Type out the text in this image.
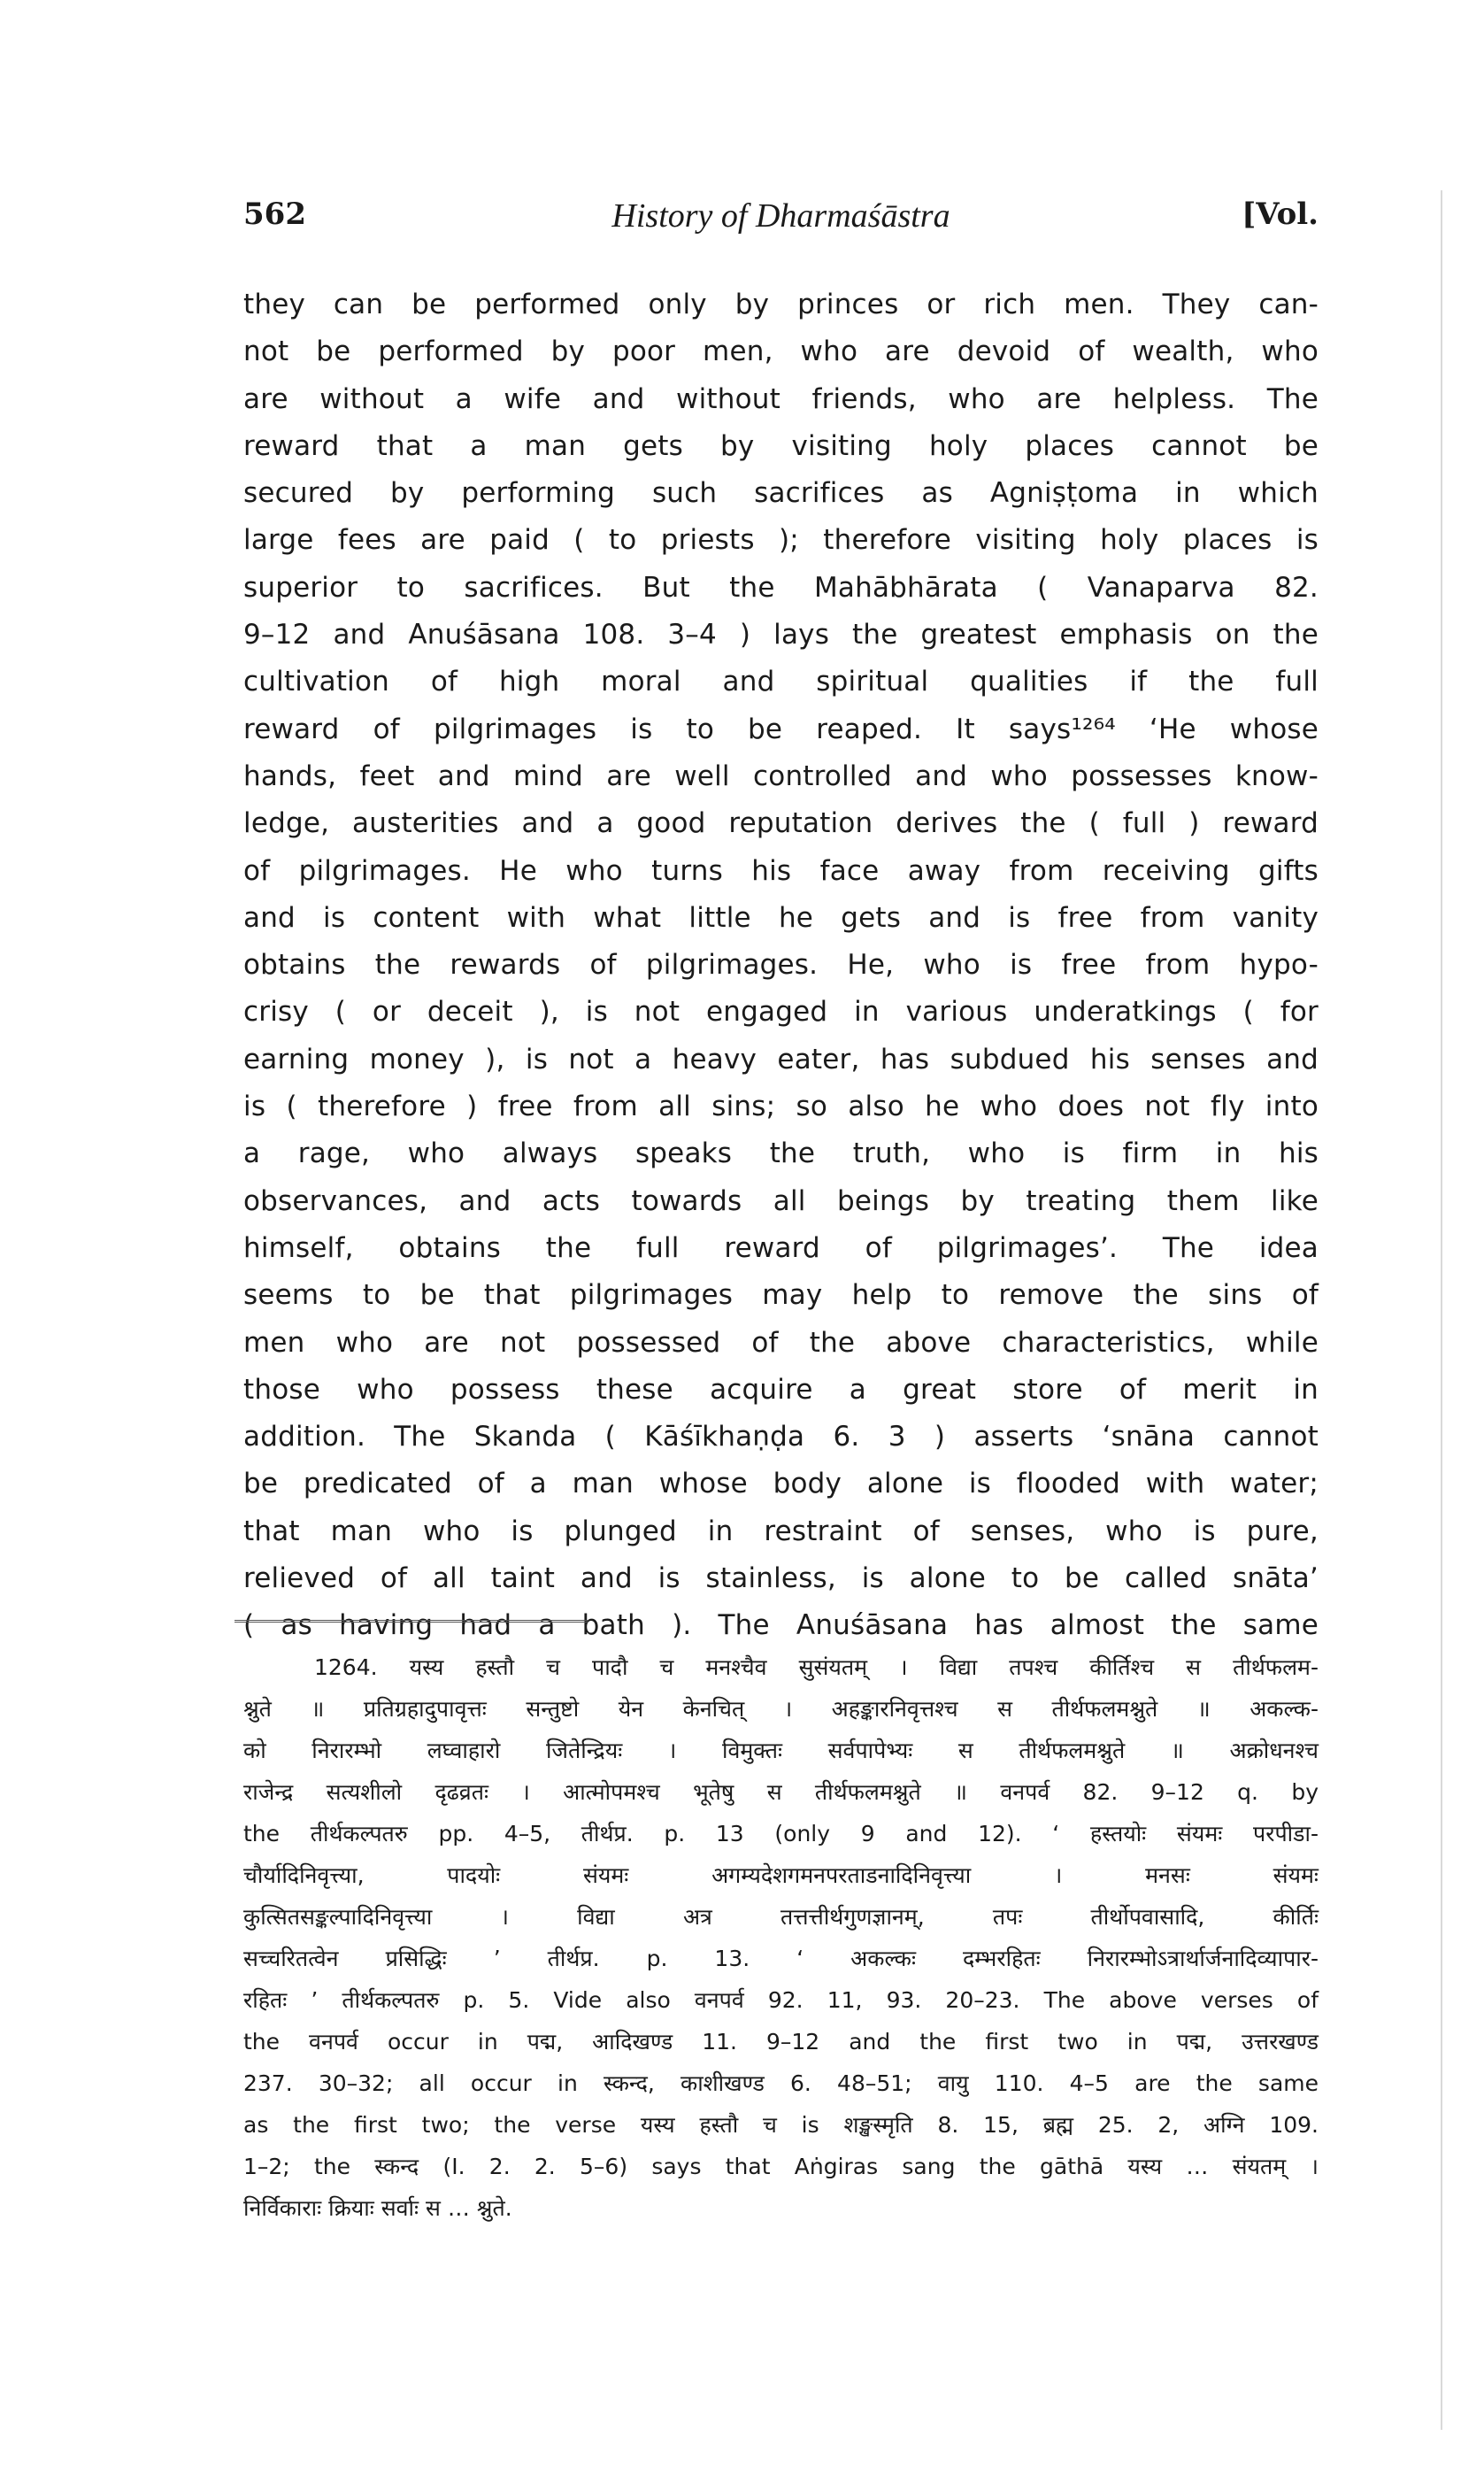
562	History of Dharmaśāstra	[Vol.
they can be performed only by princes or rich men. They can-
not be performed by poor men, who are devoid of wealth, who
are without a wife and without friends, who are helpless. The
reward that a man gets by visiting holy places cannot be
secured by performing such sacrifices as Agniṣṭoma in which
large fees are paid ( to priests ); therefore visiting holy places is
superior to sacrifices. But the Mahābhārata ( Vanaparva 82.
9–12 and Anuśāsana 108. 3–4 ) lays the greatest emphasis on the
cultivation of high moral and spiritual qualities if the full
reward of pilgrimages is to be reaped. It says¹²⁶⁴ ‘He whose
hands, feet and mind are well controlled and who possesses know-
ledge, austerities and a good reputation derives the ( full ) reward
of pilgrimages. He who turns his face away from receiving gifts
and is content with what little he gets and is free from vanity
obtains the rewards of pilgrimages. He, who is free from hypo-
crisy ( or deceit ), is not engaged in various underatkings ( for
earning money ), is not a heavy eater, has subdued his senses and
is ( therefore ) free from all sins; so also he who does not fly into
a rage, who always speaks the truth, who is firm in his
observances, and acts towards all beings by treating them like
himself, obtains the full reward of pilgrimages’. The idea
seems to be that pilgrimages may help to remove the sins of
men who are not possessed of the above characteristics, while
those who possess these acquire a great store of merit in
addition. The Skanda ( Kāśīkhaṇḍa 6. 3 ) asserts ‘snāna cannot
be predicated of a man whose body alone is flooded with water;
that man who is plunged in restraint of senses, who is pure,
relieved of all taint and is stainless, is alone to be called snāta’
( as having had a bath ). The Anuśāsana has almost the same
1264. यस्य हस्तौ च पादौ च मनश्चैव सुसंयतम् । विद्या तपश्च कीर्तिश्च स तीर्थफलम-
श्नुते ॥ प्रतिग्रहादुपावृत्तः सन्तुष्टो येन केनचित् । अहङ्कारनिवृत्तश्च स तीर्थफलमश्नुते ॥ अकल्क-
को निरारम्भो लघ्वाहारो जितेन्द्रियः । विमुक्तः सर्वपापेभ्यः स तीर्थफलमश्नुते ॥ अक्रोधनश्च
राजेन्द्र सत्यशीलो दृढव्रतः । आत्मोपमश्च भूतेषु स तीर्थफलमश्नुते ॥ वनपर्व 82. 9–12 q. by
the तीर्थकल्पतरु pp. 4–5, तीर्थप्र. p. 13 (only 9 and 12). ‘ हस्तयोः संयमः परपीडा-
चौर्यादिनिवृत्त्या, पादयोः संयमः अगम्यदेशगमनपरताडनादिनिवृत्त्या । मनसः संयमः
कुत्सितसङ्कल्पादिनिवृत्त्या । विद्या अत्र तत्तत्तीर्थगुणज्ञानम्, तपः तीर्थोपवासादि, कीर्तिः
सच्चरितत्वेन प्रसिद्धिः ’ तीर्थप्र. p. 13. ‘ अकल्कः दम्भरहितः निरारम्भोऽत्रार्थार्जनादिव्यापार-
रहितः ’ तीर्थकल्पतरु p. 5. Vide also वनपर्व 92. 11, 93. 20–23. The above verses of
the वनपर्व occur in पद्म, आदिखण्ड 11. 9–12 and the first two in पद्म, उत्तरखण्ड
237. 30–32; all occur in स्कन्द, काशीखण्ड 6. 48–51; वायु 110. 4–5 are the same
as the first two; the verse यस्य हस्तौ च is शङ्खस्मृति 8. 15, ब्रह्म 25. 2, अग्नि 109.
1–2; the स्कन्द (I. 2. 2. 5–6) says that Aṅgiras sang the gāthā यस्य … संयतम् ।
निर्विकाराः क्रियाः सर्वाः स … श्नुते.
